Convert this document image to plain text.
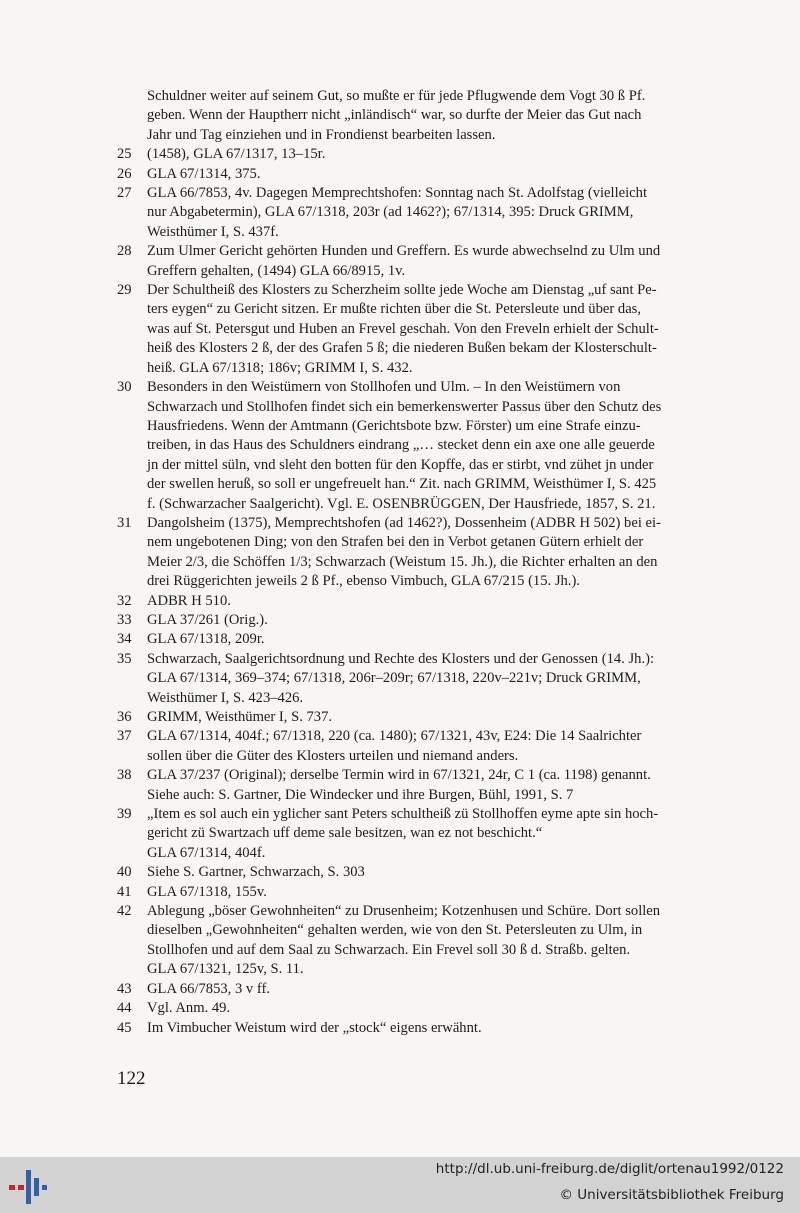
Schuldner weiter auf seinem Gut, so mußte er für jede Pflugwende dem Vogt 30 ß Pf.
geben. Wenn der Hauptherr nicht „inländisch“ war, so durfte der Meier das Gut nach
Jahr und Tag einziehen und in Frondienst bearbeiten lassen.
25	(1458), GLA 67/1317, 13–15r.
26	GLA 67/1314, 375.
27	GLA 66/7853, 4v. Dagegen Memprechtshofen: Sonntag nach St. Adolfstag (vielleicht
nur Abgabetermin), GLA 67/1318, 203r (ad 1462?); 67/1314, 395: Druck GRIMM,
Weisthümer I, S. 437f.
28	Zum Ulmer Gericht gehörten Hunden und Greffern. Es wurde abwechselnd zu Ulm und
Greffern gehalten, (1494) GLA 66/8915, 1v.
29	Der Schultheiß des Klosters zu Scherzheim sollte jede Woche am Dienstag „uf sant Pe-
ters eygen“ zu Gericht sitzen. Er mußte richten über die St. Petersleute und über das,
was auf St. Petersgut und Huben an Frevel geschah. Von den Freveln erhielt der Schult-
heiß des Klosters 2 ß, der des Grafen 5 ß; die niederen Bußen bekam der Klosterschult-
heiß. GLA 67/1318; 186v; GRIMM I, S. 432.
30	Besonders in den Weistümern von Stollhofen und Ulm. – In den Weistümern von
Schwarzach und Stollhofen findet sich ein bemerkenswerter Passus über den Schutz des
Hausfriedens. Wenn der Amtmann (Gerichtsbote bzw. Förster) um eine Strafe einzu-
treiben, in das Haus des Schuldners eindrang „… stecket denn ein axe one alle geuerde
jn der mittel süln, vnd sleht den botten für den Kopffe, das er stirbt, vnd zühet jn under
der swellen heruß, so soll er ungefreuelt han.“ Zit. nach GRIMM, Weisthümer I, S. 425
f. (Schwarzacher Saalgericht). Vgl. E. OSENBRÜGGEN, Der Hausfriede, 1857, S. 21.
31	Dangolsheim (1375), Memprechtshofen (ad 1462?), Dossenheim (ADBR H 502) bei ei-
nem ungebotenen Ding; von den Strafen bei den in Verbot getanen Gütern erhielt der
Meier 2/3, die Schöffen 1/3; Schwarzach (Weistum 15. Jh.), die Richter erhalten an den
drei Rüggerichten jeweils 2 ß Pf., ebenso Vimbuch, GLA 67/215 (15. Jh.).
32	ADBR H 510.
33	GLA 37/261 (Orig.).
34	GLA 67/1318, 209r.
35	Schwarzach, Saalgerichtsordnung und Rechte des Klosters und der Genossen (14. Jh.):
GLA 67/1314, 369–374; 67/1318, 206r–209r; 67/1318, 220v–221v; Druck GRIMM,
Weisthümer I, S. 423–426.
36	GRIMM, Weisthümer I, S. 737.
37	GLA 67/1314, 404f.; 67/1318, 220 (ca. 1480); 67/1321, 43v, E24: Die 14 Saalrichter
sollen über die Güter des Klosters urteilen und niemand anders.
38	GLA 37/237 (Original); derselbe Termin wird in 67/1321, 24r, C 1 (ca. 1198) genannt.
Siehe auch: S. Gartner, Die Windecker und ihre Burgen, Bühl, 1991, S. 7
39	„Item es sol auch ein yglicher sant Peters schultheiß zü Stollhoffen eyme apte sin hoch-
gericht zü Swartzach uff deme sale besitzen, wan ez not beschicht.“
GLA 67/1314, 404f.
40	Siehe S. Gartner, Schwarzach, S. 303
41	GLA 67/1318, 155v.
42	Ablegung „böser Gewohnheiten“ zu Drusenheim; Kotzenhusen und Schüre. Dort sollen
dieselben „Gewohnheiten“ gehalten werden, wie von den St. Petersleuten zu Ulm, in
Stollhofen und auf dem Saal zu Schwarzach. Ein Frevel soll 30 ß d. Straßb. gelten.
GLA 67/1321, 125v, S. 11.
43	GLA 66/7853, 3 v ff.
44	Vgl. Anm. 49.
45	Im Vimbucher Weistum wird der „stock“ eigens erwähnt.
122
http://dl.ub.uni-freiburg.de/diglit/ortenau1992/0122
© Universitätsbibliothek Freiburg
